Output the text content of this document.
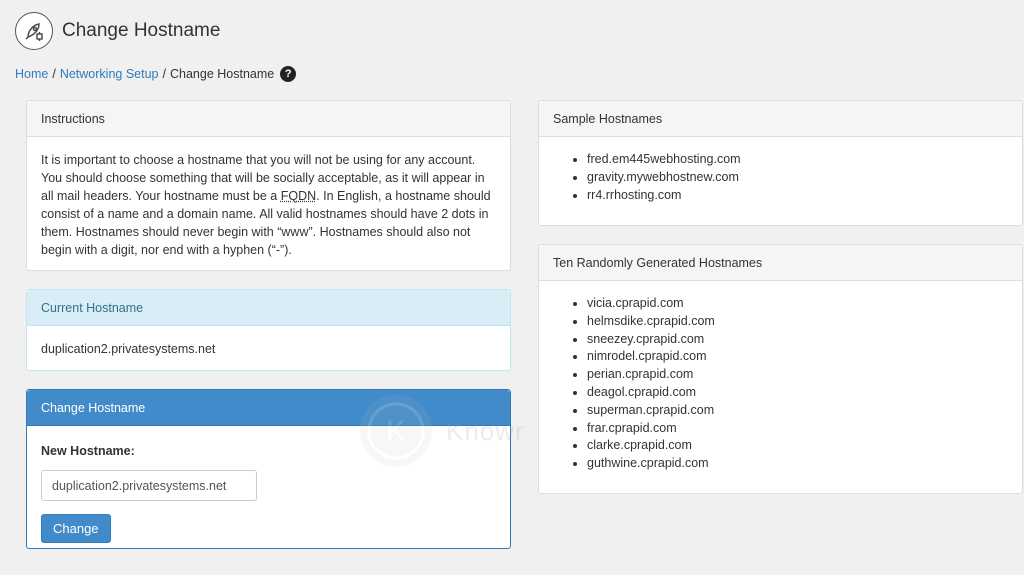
Change Hostname
Home / Networking Setup / Change Hostname ?
Instructions
It is important to choose a hostname that you will not be using for any account. You should choose something that will be socially acceptable, as it will appear in all mail headers. Your hostname must be a FQDN. In English, a hostname should consist of a name and a domain name. All valid hostnames should have 2 dots in them. Hostnames should never begin with “www”. Hostnames should also not begin with a digit, nor end with a hyphen (“-”).
Current Hostname
duplication2.privatesystems.net
Change Hostname
New Hostname:
duplication2.privatesystems.net
Change
Sample Hostnames
• fred.em445webhosting.com
• gravity.mywebhostnew.com
• rr4.rrhosting.com
Ten Randomly Generated Hostnames
• vicia.cprapid.com
• helmsdike.cprapid.com
• sneezey.cprapid.com
• nimrodel.cprapid.com
• perian.cprapid.com
• deagol.cprapid.com
• superman.cprapid.com
• frar.cprapid.com
• clarke.cprapid.com
• guthwine.cprapid.com
